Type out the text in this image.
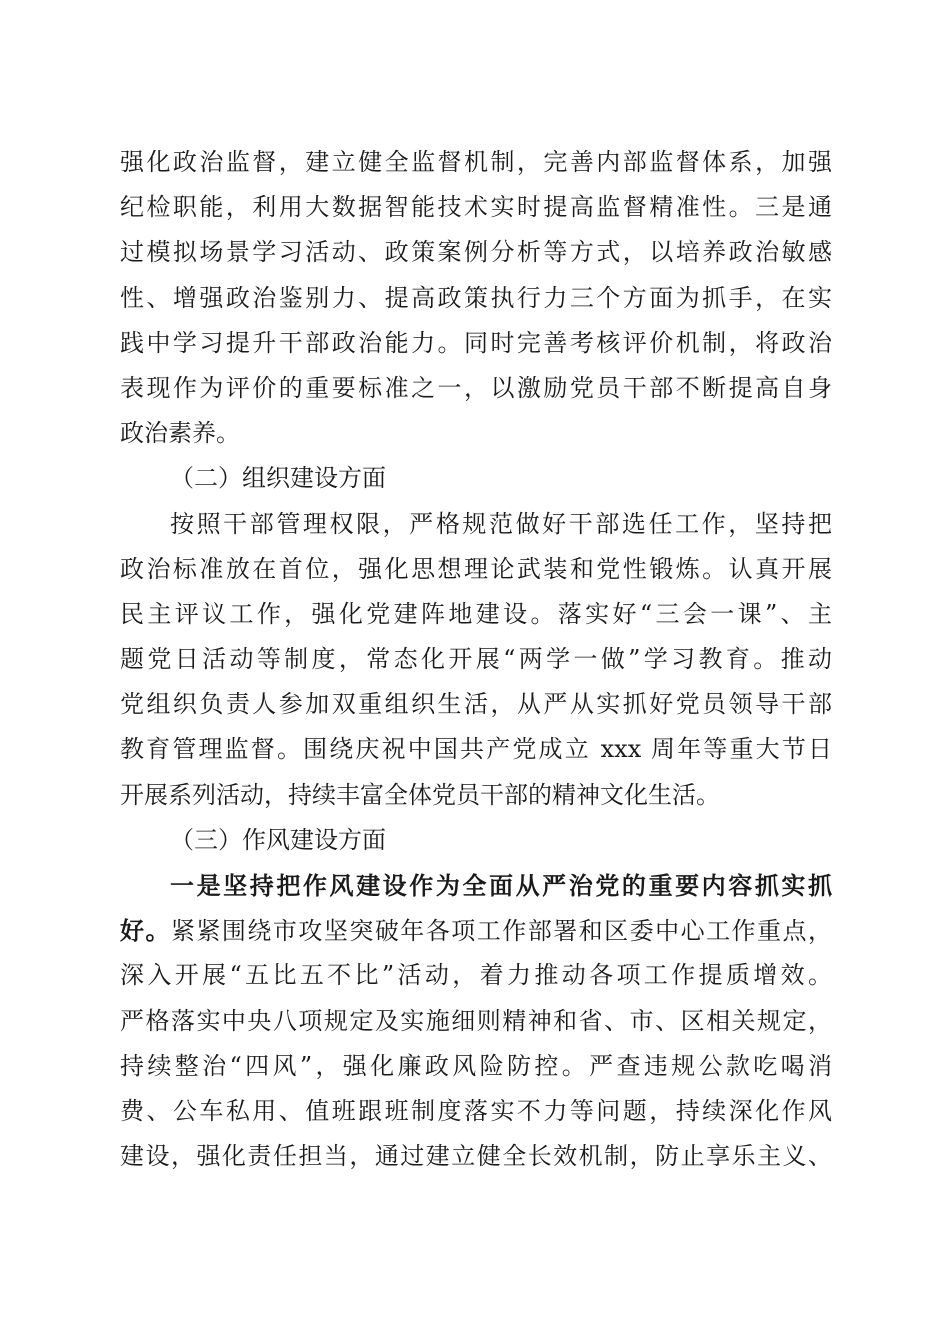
强化政治监督，建立健全监督机制，完善内部监督体系，加强
纪检职能，利用大数据智能技术实时提高监督精准性。三是通
过模拟场景学习活动、政策案例分析等方式，以培养政治敏感
性、增强政治鉴别力、提高政策执行力三个方面为抓手，在实
践中学习提升干部政治能力。同时完善考核评价机制，将政治
表现作为评价的重要标准之一，以激励党员干部不断提高自身
政治素养。
（二）组织建设方面
按照干部管理权限，严格规范做好干部选任工作，坚持把
政治标准放在首位，强化思想理论武装和党性锻炼。认真开展
民主评议工作，强化党建阵地建设。落实好“三会一课”、主
题党日活动等制度，常态化开展“两学一做”学习教育。推动
党组织负责人参加双重组织生活，从严从实抓好党员领导干部
教育管理监督。围绕庆祝中国共产党成立 xxx 周年等重大节日
开展系列活动，持续丰富全体党员干部的精神文化生活。
（三）作风建设方面
一是坚持把作风建设作为全面从严治党的重要内容抓实抓
好。紧紧围绕市攻坚突破年各项工作部署和区委中心工作重点，
深入开展“五比五不比”活动，着力推动各项工作提质增效。
严格落实中央八项规定及实施细则精神和省、市、区相关规定，
持续整治“四风”，强化廉政风险防控。严查违规公款吃喝消
费、公车私用、值班跟班制度落实不力等问题，持续深化作风
建设，强化责任担当，通过建立健全长效机制，防止享乐主义、
